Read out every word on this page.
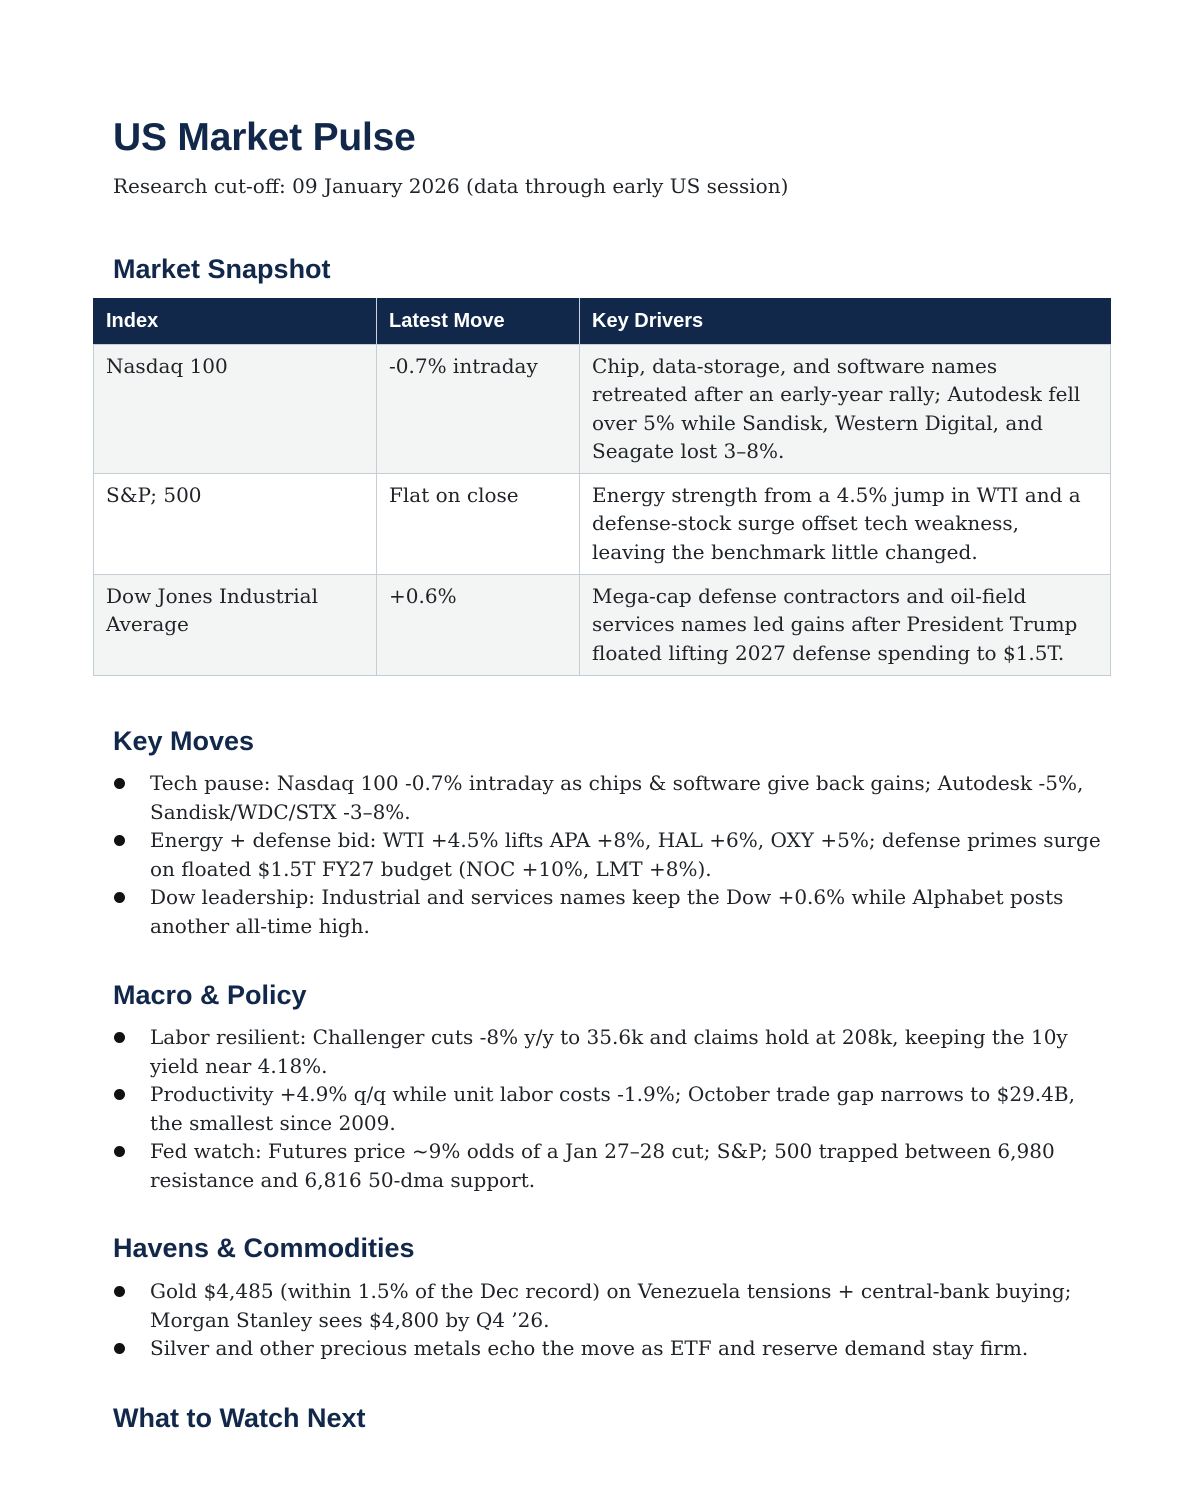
US Market Pulse

Research cut-off: 09 January 2026 (data through early US session)

Market Snapshot
Index	Latest Move	Key Drivers
Nasdaq 100	-0.7% intraday	Chip, data-storage, and software names retreated after an early-year rally; Autodesk fell over 5% while Sandisk, Western Digital, and Seagate lost 3–8%.
S&P; 500	Flat on close	Energy strength from a 4.5% jump in WTI and a defense-stock surge offset tech weakness, leaving the benchmark little changed.
Dow Jones Industrial Average	+0.6%	Mega-cap defense contractors and oil-field services names led gains after President Trump floated lifting 2027 defense spending to $1.5T.
Key Moves
Tech pause: Nasdaq 100 -0.7% intraday as chips & software give back gains; Autodesk -5%, Sandisk/WDC/STX -3–8%.
Energy + defense bid: WTI +4.5% lifts APA +8%, HAL +6%, OXY +5%; defense primes surge on floated $1.5T FY27 budget (NOC +10%, LMT +8%).
Dow leadership: Industrial and services names keep the Dow +0.6% while Alphabet posts another all-time high.
Macro & Policy
Labor resilient: Challenger cuts -8% y/y to 35.6k and claims hold at 208k, keeping the 10y yield near 4.18%.
Productivity +4.9% q/q while unit labor costs -1.9%; October trade gap narrows to $29.4B, the smallest since 2009.
Fed watch: Futures price ~9% odds of a Jan 27–28 cut; S&P; 500 trapped between 6,980 resistance and 6,816 50-dma support.
Havens & Commodities
Gold $4,485 (within 1.5% of the Dec record) on Venezuela tensions + central-bank buying; Morgan Stanley sees $4,800 by Q4 ’26.
Silver and other precious metals echo the move as ETF and reserve demand stay firm.
What to Watch Next
